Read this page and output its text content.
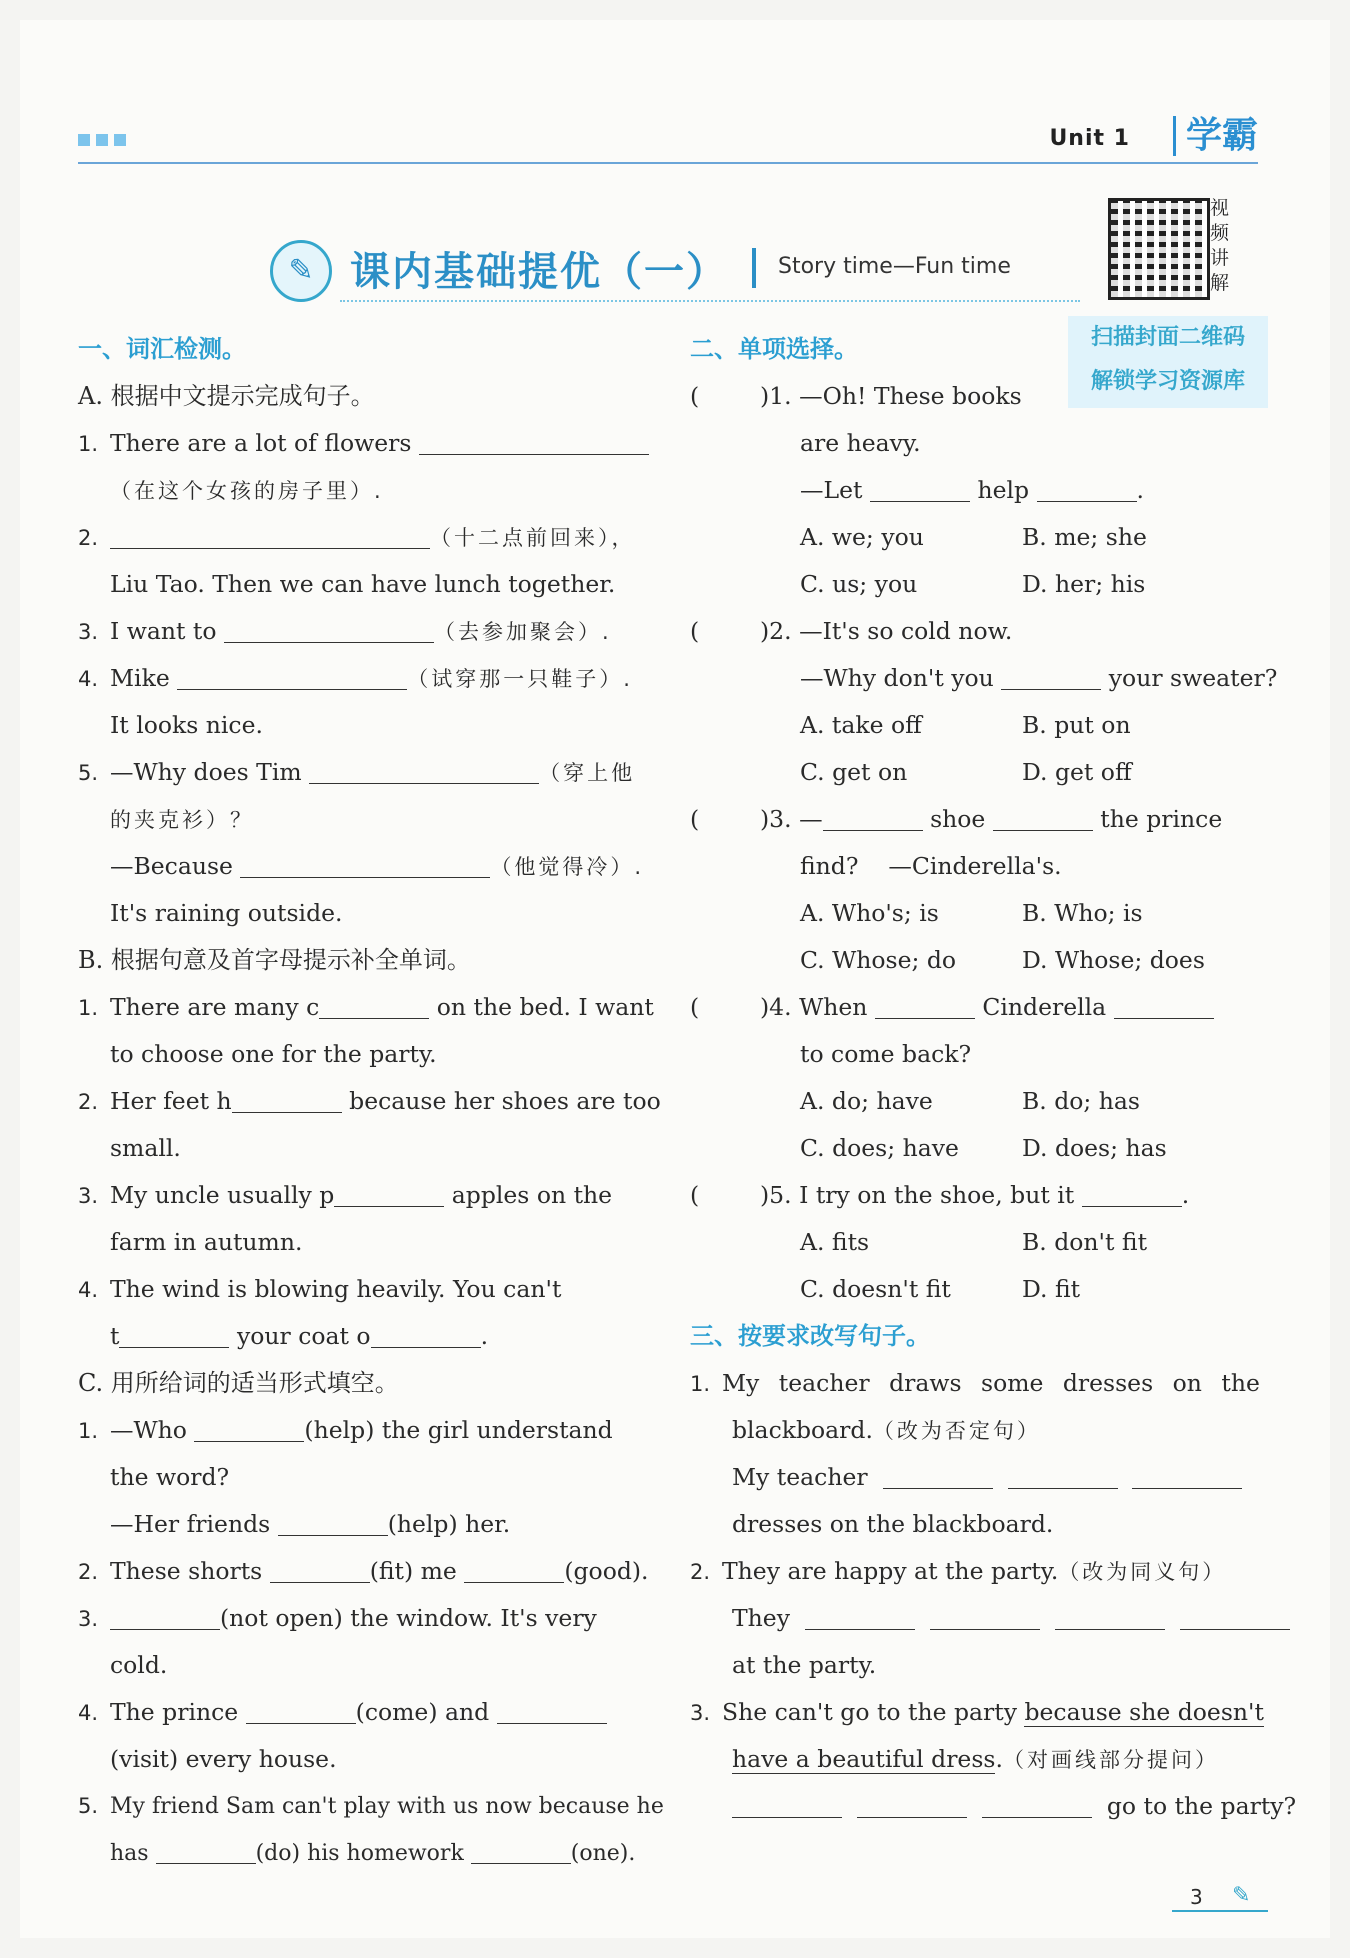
Unit 1	学霸
✎ 课内基础提优（一） Story time—Fun time
视频讲解
扫描封面二维码
解锁学习资源库
一、词汇检测。
A. 根据中文提示完成句子。
1. There are a lot of flowers
（在这个女孩的房子里）.
2.	（十二点前回来），
Liu Tao. Then we can have lunch together.
3. I want to	（去参加聚会）.
4. Mike	（试穿那一只鞋子）.
It looks nice.
5. —Why does Tim	（穿上他
的夹克衫）？
—Because	（他觉得冷）.
It's raining outside.
B. 根据句意及首字母提示补全单词。
1. There are many c	on the bed. I want
to choose one for the party.
2. Her feet h	because her shoes are too
small.
3. My uncle usually p	apples on the
farm in autumn.
4. The wind is blowing heavily. You can't
t	your coat o	.
C. 用所给词的适当形式填空。
1. —Who	(help) the girl understand
the word?
—Her friends	(help) her.
2. These shorts	(fit) me	(good).
3.	(not open) the window. It's very
cold.
4. The prince	(come) and
(visit) every house.
5. My friend Sam can't play with us now because he
has	(do) his homework	(one).
二、单项选择。
(	)1. —Oh! These books
are heavy.
—Let	help	.
A. we; you	B. me; she
C. us; you	D. her; his
(	)2. —It's so cold now.
—Why don't you	your sweater?
A. take off	B. put on
C. get on	D. get off
(	)3. —	shoe	the prince
find? —Cinderella's.
A. Who's; is	B. Who; is
C. Whose; do	D. Whose; does
(	)4. When	Cinderella
to come back?
A. do; have	B. do; has
C. does; have	D. does; has
(	)5. I try on the shoe, but it	.
A. fits	B. don't fit
C. doesn't fit	D. fit
三、按要求改写句子。
1. My teacher draws some dresses on the
blackboard.（改为否定句）
My teacher
dresses on the blackboard.
2. They are happy at the party.（改为同义句）
They
at the party.
3. She can't go to the party because she doesn't
have a beautiful dress.（对画线部分提问）
go to the party?
3 ✎
